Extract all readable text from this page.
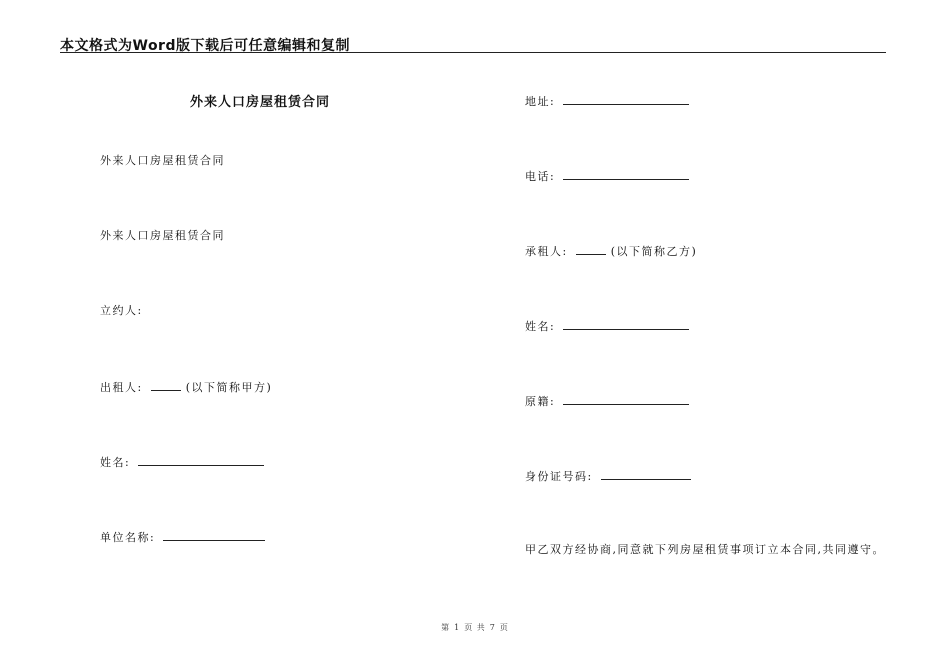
本文格式为Word版下载后可任意编辑和复制
外来人口房屋租赁合同
外来人口房屋租赁合同
外来人口房屋租赁合同
立约人:
出租人:	(以下简称甲方)
姓名:
单位名称:
地址:
电话:
承租人:	(以下简称乙方)
姓名:
原籍:
身份证号码:
甲乙双方经协商,同意就下列房屋租赁事项订立本合同,共同遵守。
第 1 页 共 7 页
